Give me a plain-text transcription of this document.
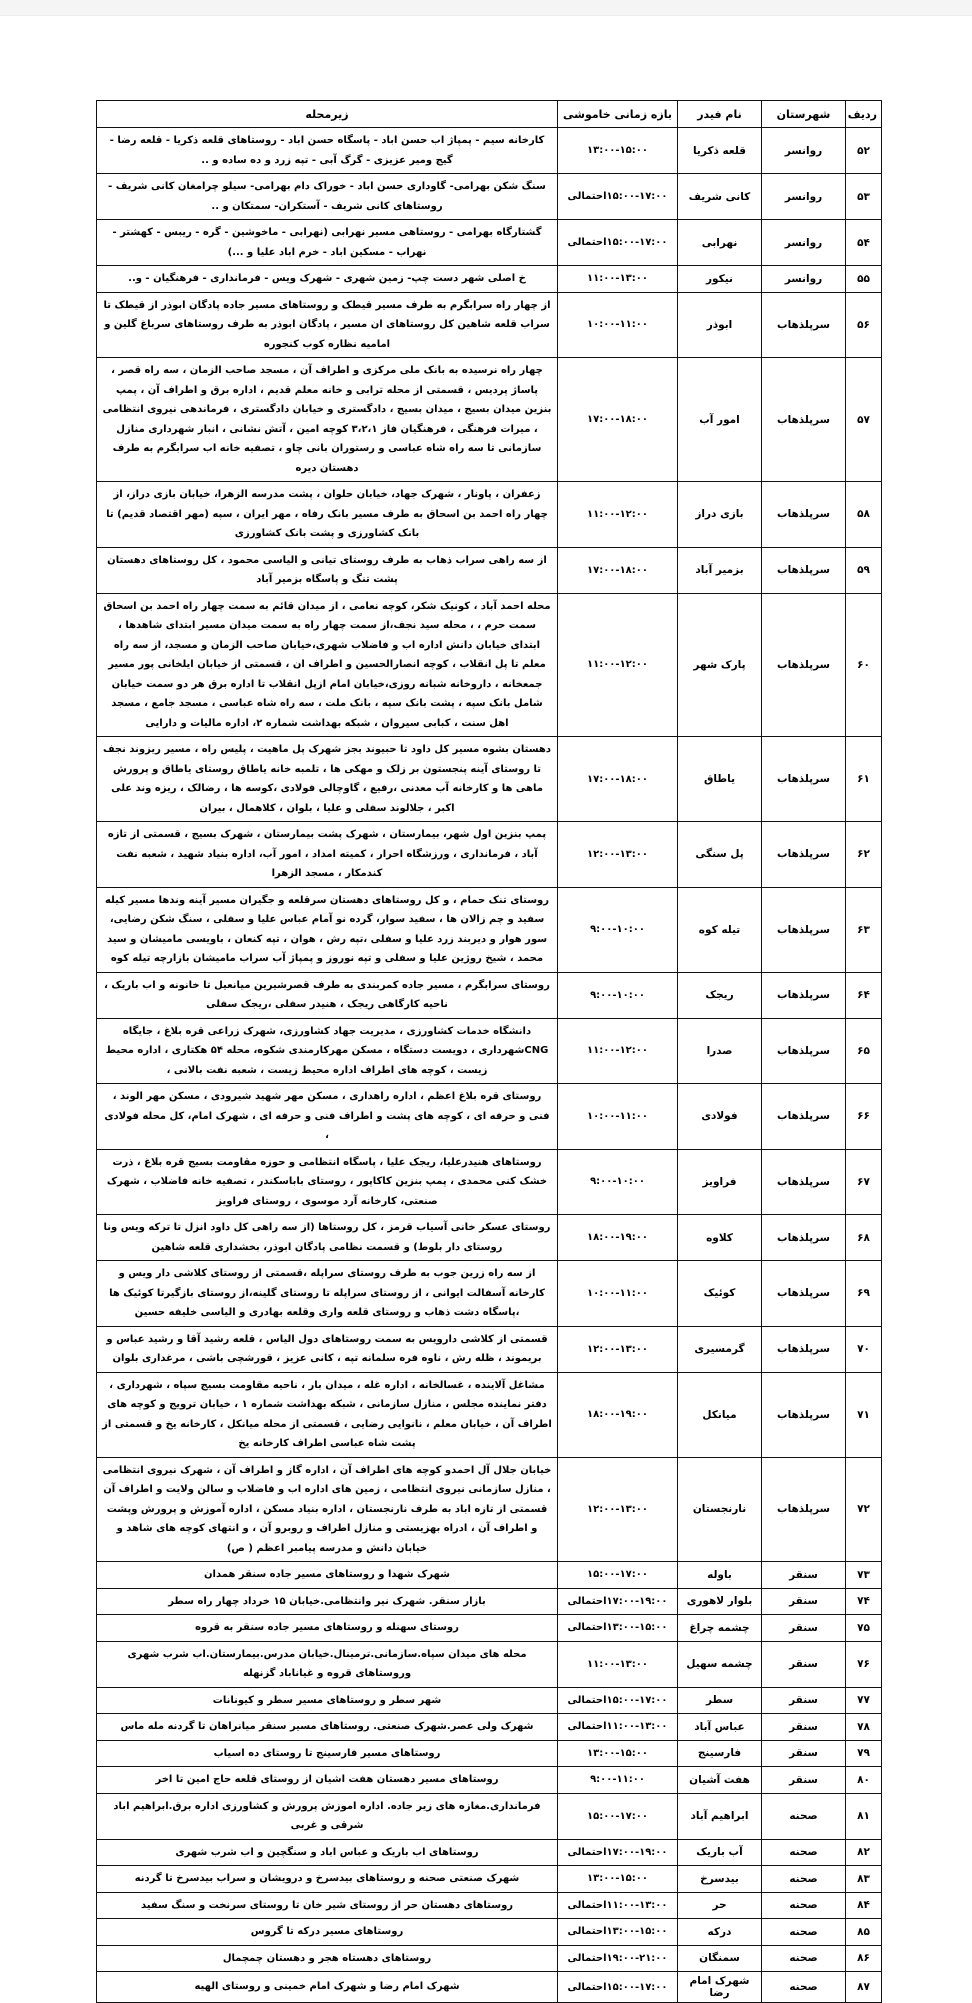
ردیف	شهرستان	نام فیدر	بازه زمانی خاموشی	زیرمحله
۵۲	روانسر	قلعه ذکریا	۱۳:۰۰-۱۵:۰۰	کارخانه سیم - پمپاژ اب حسن اباد - پاسگاه حسن اباد - روستاهای قلعه ذکریا - قلعه رضا - گیج ومیر عزیزی - گرگ آبی - تپه زرد و ده ساده و ..
۵۳	روانسر	کانی شریف	۱۵:۰۰-۱۷:۰۰احتمالی	سنگ شکن بهرامی- گاوداری حسن اباد - خوراک دام بهرامی- سیلو چرامغان کانی شریف - روستاهای کانی شریف - آستکران- سمتکان و ..
۵۴	روانسر	نهرابی	۱۵:۰۰-۱۷:۰۰احتمالی	گشتارگاه بهرامی - روستاهی مسیر نهرابی (نهرابی - ماخوشین - گره - ریبس - کهشتر - نهراب - مسکین اباد - خرم اباد علیا و ...)
۵۵	روانسر	نیکور	۱۱:۰۰-۱۳:۰۰	خ اصلی شهر دست چپ- زمین شهری - شهرک ویس - فرمانداری - فرهنگیان - و..
۵۶	سرپلذهاب	ابوذر	۱۰:۰۰-۱۱:۰۰	از چهار راه سرابگرم به طرف مسیر قیطک و روستاهای مسیر جاده پادگان ابوذر از قیطک تا سراب قلعه شاهین کل روستاهای ان مسیر ، پادگان ابوذر به طرف روستاهای سرباغ گلین و امامیه نظاره کوب کنجوره
۵۷	سرپلذهاب	امور آب	۱۷:۰۰-۱۸:۰۰	چهار راه نرسیده به بانک ملی مرکزی و اطراف آن ، مسجد صاحب الزمان ، سه راه قصر ، پاساژ پردیس ، قسمتی از محله ترابی و خانه معلم قدیم ، اداره برق و اطراف آن ، پمپ بنزین میدان بسیج ، میدان بسیج ، دادگستری و خیابان دادگستری ، فرماندهی نیروی انتظامی ، میرات فرهنگی ، فرهنگیان فاز ۳،۲،۱ کوچه امین ، آتش نشانی ، انبار شهرداری منازل سازمانی تا سه راه شاه عباسی و رستوران بانی چاو ، تصفیه خانه اب سرابگرم به طرف دهستان دیره
۵۸	سرپلذهاب	بازی دراز	۱۱:۰۰-۱۲:۰۰	زعفران ، پاونار ، شهرک جهاد، خیابان حلوان ، پشت مدرسه الزهرا، خیابان بازی دراز، از چهار راه احمد بن اسحاق به طرف مسیر بانک رفاه ، مهر ایران ، سپه (مهر اقتصاد قدیم) تا بانک کشاورزی و پشت بانک کشاورزی
۵۹	سرپلذهاب	بزمیر آباد	۱۷:۰۰-۱۸:۰۰	از سه راهی سراب ذهاب به طرف روستای تیانی و الیاسی محمود ، کل روستاهای دهستان پشت تنگ و پاسگاه بزمیر آباد
۶۰	سرپلذهاب	پارک شهر	۱۱:۰۰-۱۲:۰۰	محله احمد آباد ، کونیک شکر، کوچه نعامی ، از میدان قائم به سمت چهار راه احمد بن اسحاق سمت حرم ، ، محله سید نجف،از سمت چهار راه به سمت میدان مسیر ابتدای شاهدها ، ابتدای خیابان دانش اداره اب و فاضلاب شهری،خیابان صاحب الزمان و مسجد، از سه راه معلم تا پل انقلاب ، کوچه انصارالحسین و اطراف ان ، قسمتی از خیابان ایلخانی پور مسیر جمعخانه ، داروخانه شبانه روزی،خیابان امام ازپل انقلاب تا اداره برق هر دو سمت خیابان شامل بانک سپه ، پشت بانک سپه ، بانک ملت ، سه راه شاه عباسی ، مسجد جامع ، مسجد اهل سنت ، کبابی سیروان ، شبکه بهداشت شماره ۲، اداره مالیات و دارایی
۶۱	سرپلذهاب	یاطاق	۱۷:۰۰-۱۸:۰۰	دهستان بشوه مسیر کل داود تا حبیوند بجز شهرک پل ماهیت ، پلیس راه ، مسیر ریزوند نجف تا روستای آینه پنجستون بر زلک و مهکی ها ، تلمبه خانه یاطاق روستای یاطاق و پرورش ماهی ها و کارخانه آب معدنی ،رفیع ، گاوچالی فولادی ،کوسه ها ، رضالک ، ریزه وند علی اکبر ، جلالوند سفلی و علیا ، بلوان ، کلاهمال ، بیران
۶۲	سرپلذهاب	پل سنگی	۱۲:۰۰-۱۳:۰۰	پمپ بنزین اول شهر، بیمارستان ، شهرک پشت بیمارستان ، شهرک بسیج ، قسمتی از تازه آباد ، فرمانداری ، ورزشگاه احرار ، کمیته امداد ، امور آب، اداره بنیاد شهید ، شعبه نفت کندمکار ، مسجد الزهرا
۶۳	سرپلذهاب	تیله کوه	۹:۰۰-۱۰:۰۰	روستای تنک حمام ، و کل روستاهای دهستان سرقلعه و جگیران مسیر آینه وندها مسیر کیله سفید و چم زالان ها ، سفید سوار، گرده نو آمام عباس علیا و سفلی ، سنگ شکن رضایی، سور هوار و دیربند زرد علیا و سفلی ،تپه رش ، هوان ، تپه کنعان ، باویسی مامیشان و سید محمد ، شیخ روژین علیا و سفلی و تپه نوروز و پمپاژ آب سراب مامیشان بازارچه تیله کوه
۶۴	سرپلذهاب	ریجک	۹:۰۰-۱۰:۰۰	روستای سرابگرم ، مسیر جاده کمربندی به طرف قصرشیرین میانعیل تا خانونه و اب باریک ، ناحیه کارگاهی ریجک ، هنیدر سفلی ،ریجک سفلی
۶۵	سرپلذهاب	صدرا	۱۱:۰۰-۱۲:۰۰	دانشگاه خدمات کشاورزی ، مدیریت جهاد کشاورزی، شهرک زراعی قره بلاغ ، جایگاه CNGشهرداری ، دویست دستگاه ، مسکن مهرکارمندی شکوه، محله ۵۴ هکتاری ، اداره محیط زیست ، کوچه های اطراف اداره محیط زیست ، شعبه نفت بالانی ،
۶۶	سرپلذهاب	فولادی	۱۰:۰۰-۱۱:۰۰	روستای قره بلاغ اعظم ، اداره راهداری ، مسکن مهر شهید شیرودی ، مسکن مهر الوند ، فنی و حرفه ای ، کوچه های پشت و اطراف فنی و حرفه ای ، شهرک امام، کل محله فولادی ،
۶۷	سرپلذهاب	فراویز	۹:۰۰-۱۰:۰۰	روستاهای هنیدرعلیا، ریجک علیا ، پاسگاه انتظامی و حوزه مقاومت بسیج قره بلاغ ، ذرت خشک کنی محمدی ، پمپ بنزین کاکاپور ، روستای باباسکندر ، تصفیه خانه فاضلاب ، شهرک صنعتی، کارخانه آرد موسوی ، روستای فراویز
۶۸	سرپلذهاب	کلاوه	۱۸:۰۰-۱۹:۰۰	روستای عسکر خانی آسیاب قرمز ، کل روستاها (از سه راهی کل داود انزل تا ترکه ویس ونا روستای دار بلوط) و قسمت نظامی پادگان ابوذر، بخشداری قلعه شاهین
۶۹	سرپلذهاب	کوئیک	۱۰:۰۰-۱۱:۰۰	از سه راه زرین جوب به طرف روستای سراپله ،قسمتی از روستای کلاشی دار ویس و کارخانه آسفالت ایوانی ، از روستای سراپله تا روستای گلینه،از روستای بازگیرتا کوئیک ها ،پاسگاه دشت ذهاب و روستای قلعه واری وقلعه بهادری و الیاسی خلیفه حسین
۷۰	سرپلذهاب	گرمسیری	۱۲:۰۰-۱۳:۰۰	قسمتی از کلاشی دارویس به سمت روستاهای دول الیاس ، قلعه رشید آقا و رشید عباس و بریموند ، ظله رش ، ناوه فره سلمانه تپه ، کانی عزیز ، قورشچی باشی ، مرغداری بلوان
۷۱	سرپلذهاب	میانکل	۱۸:۰۰-۱۹:۰۰	مشاغل آلاینده ، غسالخانه ، اداره غله ، میدان بار ، ناحیه مقاومت بسیج سپاه ، شهرداری ، دفتر نماینده مجلس ، منازل سازمانی ، شبکه بهداشت شماره ۱ ، خیابان ترویج و کوچه های اطراف آن ، خیابان معلم ، نانوایی رضایی ، قسمتی از محله میانکل ، کارخانه یخ و قسمتی از پشت شاه عباسی اطراف کارخانه یخ
۷۲	سرپلذهاب	نارنجستان	۱۲:۰۰-۱۳:۰۰	خیابان جلال آل احمدو کوچه های اطراف آن ، اداره گاز و اطراف آن ، شهرک نیروی انتظامی ، منازل سازمانی نیروی انتظامی ، زمین های اداره اب و فاضلاب و سالن ولایت و اطراف آن قسمتی از تازه اباد به طرف نارنجستان ، اداره بنیاد مسکن ، اداره آموزش و پرورش وپشت و اطراف آن ، ادراه بهزیستی و منازل اطراف و روبرو آن ، و انتهای کوچه های شاهد و خیابان دانش و مدرسه پیامبر اعظم ( ص)
۷۳	سنقر	باوله	۱۵:۰۰-۱۷:۰۰	شهرک شهدا و روستاهای مسیر جاده سنقر همدان
۷۴	سنقر	بلوار لاهوری	۱۷:۰۰-۱۹:۰۰احتمالی	بازار سنقر. شهرک نیر وانتظامی.خیابان ۱۵ خرداد چهار راه سطر
۷۵	سنقر	چشمه چراغ	۱۳:۰۰-۱۵:۰۰احتمالی	روستای سهنله و روستاهای مسیر جاده سنقر به قروه
۷۶	سنقر	چشمه سهیل	۱۱:۰۰-۱۳:۰۰	محله های میدان سپاه.سازمانی.ترمینال.خیابان مدرس.بیمارستان.اب شرب شهری وروستاهای قروه و غیاناباد گزنهله
۷۷	سنقر	سطر	۱۵:۰۰-۱۷:۰۰احتمالی	شهر سطر و روستاهای مسیر سطر و کیونانات
۷۸	سنقر	عباس آباد	۱۱:۰۰-۱۳:۰۰احتمالی	شهرک ولی عصر.شهرک صنعتی. روستاهای مسیر سنقر میانراهان تا گردنه مله ماس
۷۹	سنقر	فارسینج	۱۳:۰۰-۱۵:۰۰	روستاهای مسیر فارسینج تا روستای ده اسیاب
۸۰	سنقر	هفت آشیان	۹:۰۰-۱۱:۰۰	روستاهای مسیر دهستان هفت اشیان از روستای قلعه حاج امین تا اخر
۸۱	صحنه	ابراهیم آباد	۱۵:۰۰-۱۷:۰۰	فرمانداری.مغازه های زیر جاده. اداره اموزش پرورش و کشاورزی اداره برق.ابراهیم اباد شرقی و غربی
۸۲	صحنه	آب باریک	۱۷:۰۰-۱۹:۰۰احتمالی	روستاهای اب باریک و عباس اباد و سنگچین و اب شرب شهری
۸۳	صحنه	بیدسرخ	۱۳:۰۰-۱۵:۰۰	شهرک صنعتی صحنه و روستاهای بیدسرخ و درویشان و سراب بیدسرخ تا گردنه
۸۴	صحنه	حر	۱۱:۰۰-۱۳:۰۰احتمالی	روستاهای دهستان حر از روستای شیر خان تا روستای سرنخت و سنگ سفید
۸۵	صحنه	درکه	۱۳:۰۰-۱۵:۰۰احتمالی	روستاهای مسیر درکه تا گروس
۸۶	صحنه	سمنگان	۱۹:۰۰-۲۱:۰۰احتمالی	روستاهای دهستاه هجر و دهستان چمچمال
۸۷	صحنه	شهرک امام رضا	۱۵:۰۰-۱۷:۰۰احتمالی	شهرک امام رضا و شهرک امام خمینی و روستای الهیه
